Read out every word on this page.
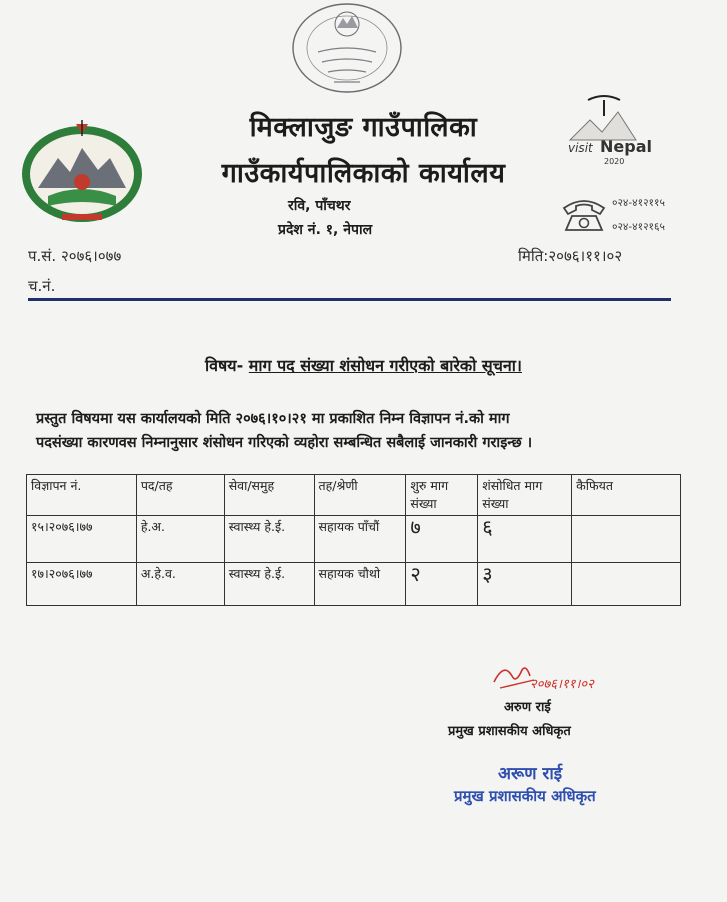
visit Nepal
2020
मिक्लाजुङ गाउँपालिका
गाउँकार्यपालिकाको कार्यालय
रवि, पाँचथर
प्रदेश नं. १, नेपाल
०२४-४१२११५
०२४-४१२१६५
प.सं. २०७६।०७७
च.नं.
मिति:२०७६।११।०२
विषय- माग पद संख्या शंसोधन गरीएको बारेको सूचना।
प्रस्तुत विषयमा यस कार्यालयको मिति २०७६।१०।२१ मा प्रकाशित निम्न विज्ञापन नं.को माग
पदसंख्या कारणवस निम्नानुसार शंसोधन गरिएको व्यहोरा सम्बन्धित सबैलाई जानकारी गराइन्छ ।
विज्ञापन नं.	पद/तह	सेवा/समुह	तह/श्रेणी	शुरु माग संख्या	शंसोधित माग संख्या	कैफियत
१५।२०७६।७७	हे.अ.	स्वास्थ्य हे.ई.	सहायक पाँचौं	७	६	
१७।२०७६।७७	अ.हे.व.	स्वास्थ्य हे.ई.	सहायक चौथो	२	३	
२०७६।११।०२
अरुण राई
प्रमुख प्रशासकीय अधिकृत
अरूण राई
प्रमुख प्रशासकीय अधिकृत
